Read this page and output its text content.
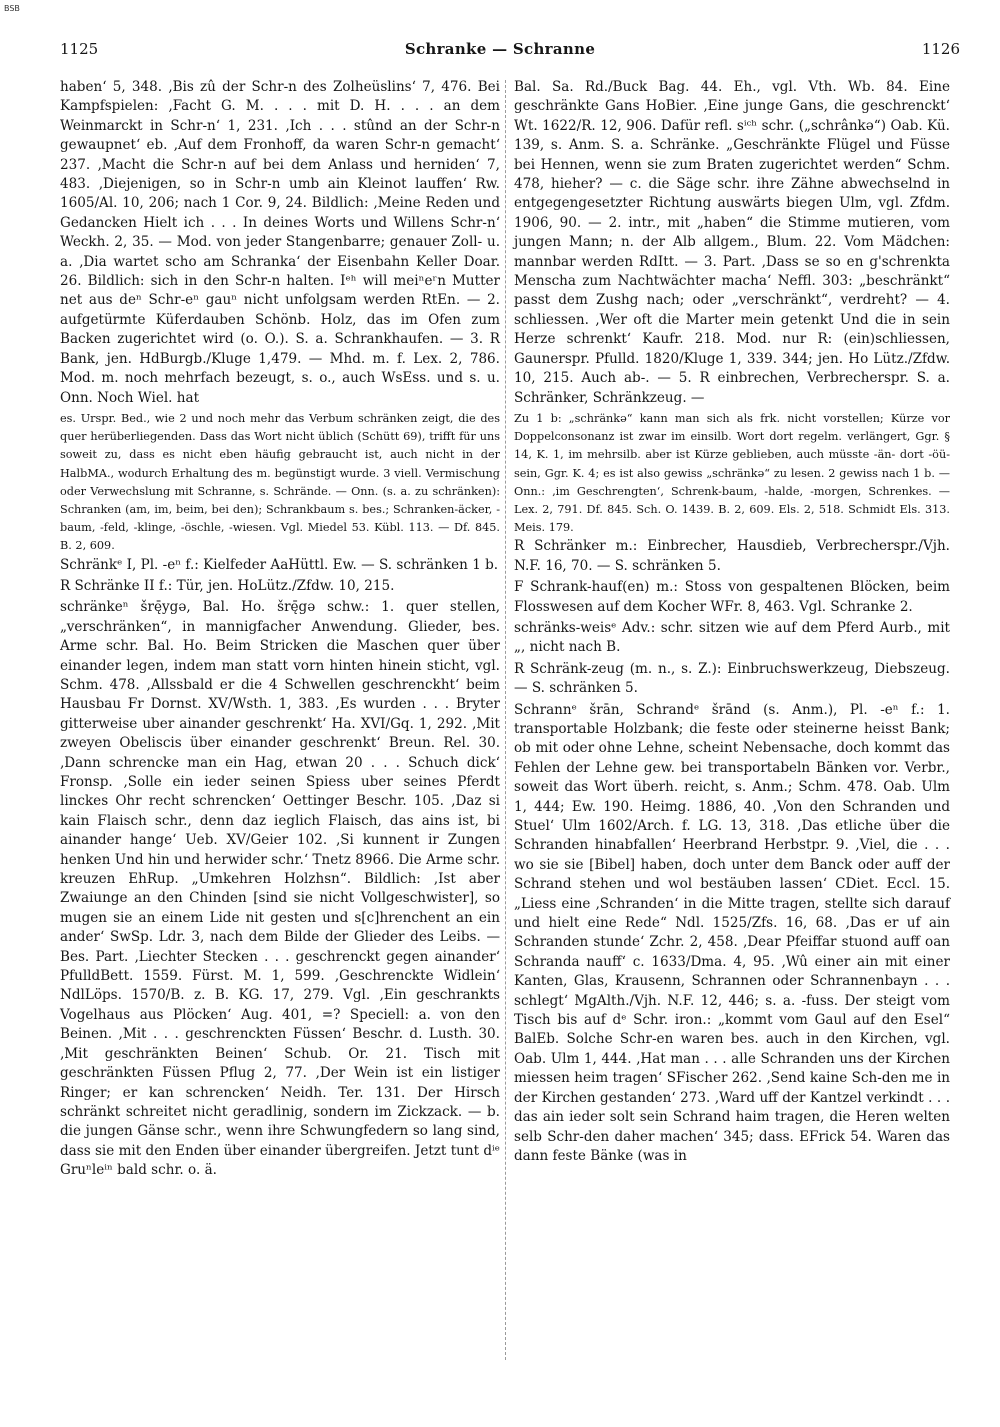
BSB
1125	Schranke — Schranne	1126

haben‘ 5, 348. ‚Bis zû der Schr-n des Zolheüslins‘ 7, 476. Bei Kampfspielen: ‚Facht G. M. . . . mit D. H. . . . an dem Weinmarckt in Schr-n‘ 1, 231. ‚Ich . . . stûnd an der Schr-n gewaupnet‘ eb. ‚Auf dem Fronhoff, da waren Schr-n gemacht‘ 237. ‚Macht die Schr-n auf bei dem Anlass und herniden‘ 7, 483. ‚Diejenigen, so in Schr-n umb ain Kleinot lauffen‘ Rw. 1605/Al. 10, 206; nach 1 Cor. 9, 24. Bildlich: ‚Meine Reden und Gedancken Hielt ich . . . In deines Worts und Willens Schr-n‘ Weckh. 2, 35. — Mod. von jeder Stangenbarre; genauer Zoll- u. a. ‚Dia wartet scho am Schranka‘ der Eisenbahn Keller Doar. 26. Bildlich: sich in den Schr-n halten. Iᵉʰ will meiⁿeʳn Mutter net aus deⁿ Schr-eⁿ gauⁿ nicht unfolgsam werden RtEn. — 2. aufgetürmte Küferdauben Schönb. Holz, das im Ofen zum Backen zugerichtet wird (o. O.). S. a. Schrankhaufen. — 3. R Bank, jen. HdBurgb./Kluge 1,479. — Mhd. m. f. Lex. 2, 786. Mod. m. noch mehrfach bezeugt, s. o., auch WsEss. und s. u. Onn. Noch Wiel. hat

es. Urspr. Bed., wie 2 und noch mehr das Verbum schränken zeigt, die des quer herüberliegenden. Dass das Wort nicht üblich (Schütt 69), trifft für uns soweit zu, dass es nicht eben häufig gebraucht ist, auch nicht in der HalbMA., wodurch Erhaltung des m. begünstigt wurde. 3 viell. Vermischung oder Verwechslung mit Schranne, s. Schrände. — Onn. (s. a. zu schränken): Schranken (am, im, beim, bei den); Schrankbaum s. bes.; Schranken-äcker, -baum, -feld, -klinge, -öschle, -wiesen. Vgl. Miedel 53. Kübl. 113. — Df. 845. B. 2, 609.

Schränkᵉ I, Pl. -eⁿ f.: Kielfeder AaHüttl. Ew. — S. schränken 1 b.

R Schränke II f.: Tür, jen. HoLütz./Zfdw. 10, 215.

schränkeⁿ šrę̄ygə, Bal. Ho. šrę̄gə schw.: 1. quer stellen, „verschränken“, in mannigfacher Anwendung. Glieder, bes. Arme schr. Bal. Ho. Beim Stricken die Maschen quer über einander legen, indem man statt vorn hinten hinein sticht, vgl. Schm. 478. ‚Allssbald er die 4 Schwellen geschrenckht‘ beim Hausbau Fr Dornst. XV/Wsth. 1, 383. ‚Es wurden . . . Bryter gitterweise uber ainander geschrenkt‘ Ha. XVI/Gq. 1, 292. ‚Mit zweyen Obeliscis über einander geschrenkt‘ Breun. Rel. 30. ‚Dann schrencke man ein Hag, etwan 20 . . . Schuch dick‘ Fronsp. ‚Solle ein ieder seinen Spiess uber seines Pferdt linckes Ohr recht schrencken‘ Oettinger Beschr. 105. ‚Daz si kain Flaisch schr., denn daz ieglich Flaisch, das ains ist, bi ainander hange‘ Ueb. XV/Geier 102. ‚Si kunnent ir Zungen henken Und hin und herwider schr.‘ Tnetz 8966. Die Arme schr. kreuzen EhRup. „Umkehren Holzhsn“. Bildlich: ‚Ist aber Zwaiunge an den Chinden [sind sie nicht Vollgeschwister], so mugen sie an einem Lide nit gesten und s[c]hrenchent an ein ander‘ SwSp. Ldr. 3, nach dem Bilde der Glieder des Leibs. — Bes. Part. ‚Liechter Stecken . . . geschrenckt gegen ainander‘ PfulldBett. 1559. Fürst. M. 1, 599. ‚Geschrenckte Widlein‘ NdlLöps. 1570/B. z. B. KG. 17, 279. Vgl. ‚Ein geschrankts Vogelhaus aus Plöcken‘ Aug. 401, =? Speciell: a. von den Beinen. ‚Mit . . . geschrenckten Füssen‘ Beschr. d. Lusth. 30. ‚Mit geschränkten Beinen‘ Schub. Or. 21. Tisch mit geschränkten Füssen Pflug 2, 77. ‚Der Wein ist ein listiger Ringer; er kan schrencken‘ Neidh. Ter. 131. Der Hirsch schränkt schreitet nicht geradlinig, sondern im Zickzack. — b. die jungen Gänse schr., wenn ihre Schwungfedern so lang sind, dass sie mit den Enden über einander übergreifen. Jetzt tunt dⁱᵉ Gruⁿleⁱⁿ bald schr. o. ä.

Bal. Sa. Rd./Buck Bag. 44. Eh., vgl. Vth. Wb. 84. Eine geschränkte Gans HoBier. ‚Eine junge Gans, die geschrenckt‘ Wt. 1622/R. 12, 906. Dafür refl. sⁱᶜʰ schr. („schrânkə“) Oab. Kü. 139, s. Anm. S. a. Schränke. „Geschränkte Flügel und Füsse bei Hennen, wenn sie zum Braten zugerichtet werden“ Schm. 478, hieher? — c. die Säge schr. ihre Zähne abwechselnd in entgegengesetzter Richtung auswärts biegen Ulm, vgl. Zfdm. 1906, 90. — 2. intr., mit „haben“ die Stimme mutieren, vom jungen Mann; n. der Alb allgem., Blum. 22. Vom Mädchen: mannbar werden RdItt. — 3. Part. ‚Dass se so en g'schrenkta Menscha zum Nachtwächter macha‘ Neffl. 303: „beschränkt“ passt dem Zushg nach; oder „verschränkt“, verdreht? — 4. schliessen. ‚Wer oft die Marter mein getenkt Und die in sein Herze schrenkt‘ Kaufr. 218. Mod. nur R: (ein)schliessen, Gaunerspr. Pfulld. 1820/Kluge 1, 339. 344; jen. Ho Lütz./Zfdw. 10, 215. Auch ab-. — 5. R einbrechen, Verbrecherspr. S. a. Schränker, Schränkzeug. —

Zu 1 b: „schränkə“ kann man sich als frk. nicht vorstellen; Kürze vor Doppelconsonanz ist zwar im einsilb. Wort dort regelm. verlängert, Ggr. § 14, K. 1, im mehrsilb. aber ist Kürze geblieben, auch müsste -än- dort -öü- sein, Ggr. K. 4; es ist also gewiss „schränkə“ zu lesen. 2 gewiss nach 1 b. — Onn.: ‚im Geschrengten‘, Schrenk-baum, -halde, -morgen, Schrenkes. — Lex. 2, 791. Df. 845. Sch. O. 1439. B. 2, 609. Els. 2, 518. Schmidt Els. 313. Meis. 179.

R Schränker m.: Einbrecher, Hausdieb, Verbrecherspr./Vjh. N.F. 16, 70. — S. schränken 5.

F Schrank-hauf(en) m.: Stoss von gespaltenen Blöcken, beim Flosswesen auf dem Kocher WFr. 8, 463. Vgl. Schranke 2.

schränks-weisᵉ Adv.: schr. sitzen wie auf dem Pferd Aurb., mit „, nicht nach B.

R Schränk-zeug (m. n., s. Z.): Einbruchswerkzeug, Diebszeug. — S. schränken 5.

Schrannᵉ šrān, Schrandᵉ šrānd (s. Anm.), Pl. -eⁿ f.: 1. transportable Holzbank; die feste oder steinerne heisst Bank; ob mit oder ohne Lehne, scheint Nebensache, doch kommt das Fehlen der Lehne gew. bei transportabeln Bänken vor. Verbr., soweit das Wort überh. reicht, s. Anm.; Schm. 478. Oab. Ulm 1, 444; Ew. 190. Heimg. 1886, 40. ‚Von den Schranden und Stuel‘ Ulm 1602/Arch. f. LG. 13, 318. ‚Das etliche über die Schranden hinabfallen‘ Heerbrand Herbstpr. 9. ‚Viel, die . . . wo sie sie [Bibel] haben, doch unter dem Banck oder auff der Schrand stehen und wol bestäuben lassen‘ CDiet. Eccl. 15. „Liess eine ‚Schranden‘ in die Mitte tragen, stellte sich darauf und hielt eine Rede“ Ndl. 1525/Zfs. 16, 68. ‚Das er uf ain Schranden stunde‘ Zchr. 2, 458. ‚Dear Pfeiffar stuond auff oan Schranda nauff‘ c. 1633/Dma. 4, 95. ‚Wû einer ain mit einer Kanten, Glas, Krausenn, Schrannen oder Schrannenbayn . . . schlegt‘ MgAlth./Vjh. N.F. 12, 446; s. a. -fuss. Der steigt vom Tisch bis auf dᵉ Schr. iron.: „kommt vom Gaul auf den Esel“ BalEb. Solche Schr-en waren bes. auch in den Kirchen, vgl. Oab. Ulm 1, 444. ‚Hat man . . . alle Schranden uns der Kirchen miessen heim tragen‘ SFischer 262. ‚Send kaine Sch-den me in der Kirchen gestanden‘ 273. ‚Ward uff der Kantzel verkindt . . . das ain ieder solt sein Schrand haim tragen, die Heren welten selb Schr-den daher machen‘ 345; dass. EFrick 54. Waren das dann feste Bänke (was in
